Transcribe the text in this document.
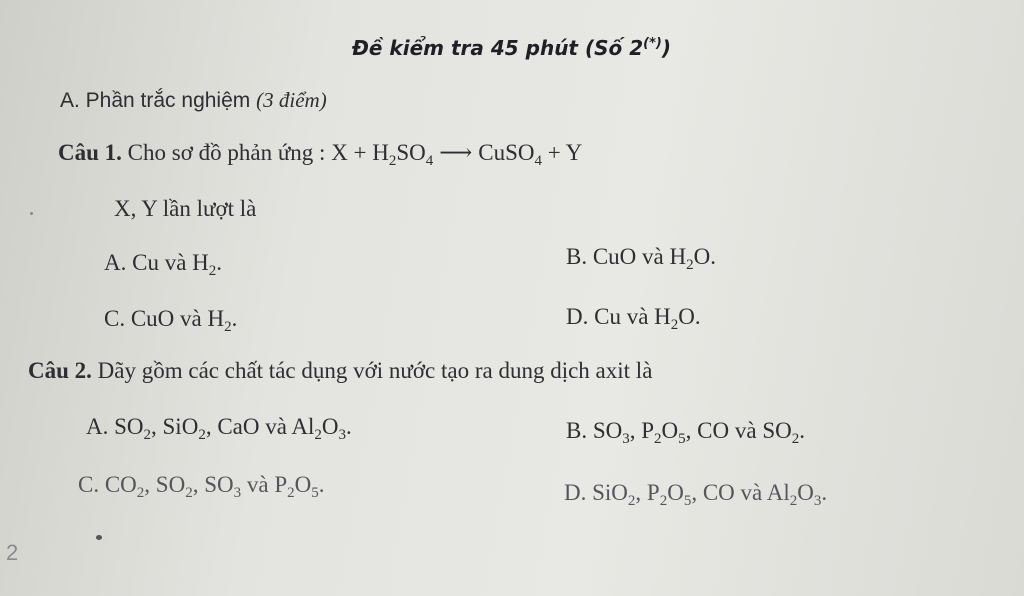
Đề kiểm tra 45 phút (Số 2(*))
A. Phần trắc nghiệm (3 điểm)
Câu 1. Cho sơ đồ phản ứng : $X + H_2SO_4$ ⟶ CuSO$_4$ + Y
X, Y lần lượt là
A. Cu và $H_2$.	B. CuO và $H_2O$.
C. CuO và $H_2$.	D. Cu và $H_2O$.
Câu 2. Dãy gồm các chất tác dụng với nước tạo ra dung dịch axit là
A. $SO_2$, SiO$_2$, CaO và $Al_2O_3$.	B. $SO_3$, $P_2O_5$, CO và $SO_2$.
C. $CO_2$, $SO_2$, $SO_3$ và $P_2O_5$.	D. SiO$_2$, $P_2O_5$, CO và $Al_2O_3$.
2
